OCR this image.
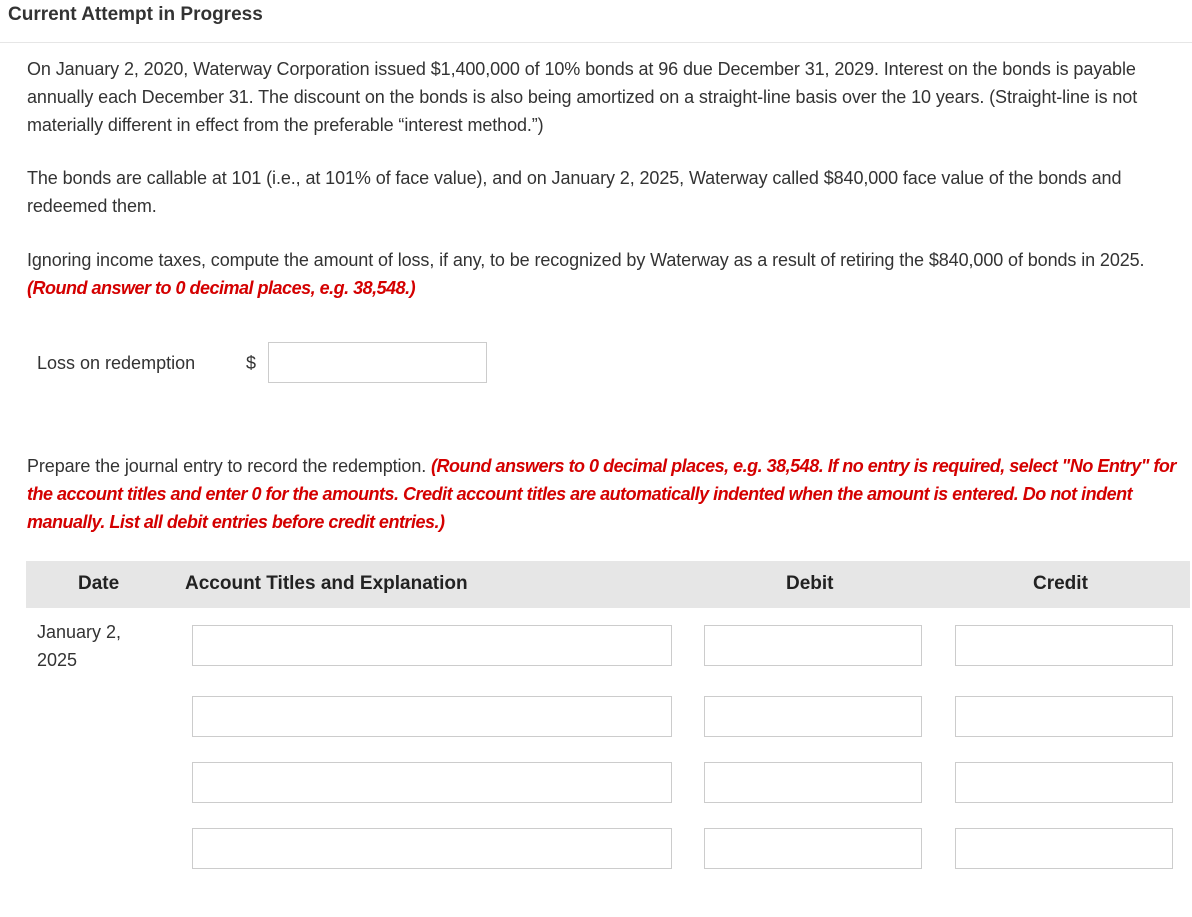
Current Attempt in Progress
On January 2, 2020, Waterway Corporation issued $1,400,000 of 10% bonds at 96 due December 31, 2029. Interest on the bonds is payable annually each December 31. The discount on the bonds is also being amortized on a straight-line basis over the 10 years. (Straight-line is not materially different in effect from the preferable “interest method.”)
The bonds are callable at 101 (i.e., at 101% of face value), and on January 2, 2025, Waterway called $840,000 face value of the bonds and redeemed them.
Ignoring income taxes, compute the amount of loss, if any, to be recognized by Waterway as a result of retiring the $840,000 of bonds in 2025. (Round answer to 0 decimal places, e.g. 38,548.)
Loss on redemption	$
Prepare the journal entry to record the redemption. (Round answers to 0 decimal places, e.g. 38,548. If no entry is required, select "No Entry" for the account titles and enter 0 for the amounts. Credit account titles are automatically indented when the amount is entered. Do not indent manually. List all debit entries before credit entries.)
Date	Account Titles and Explanation	Debit	Credit
January 2,
2025
